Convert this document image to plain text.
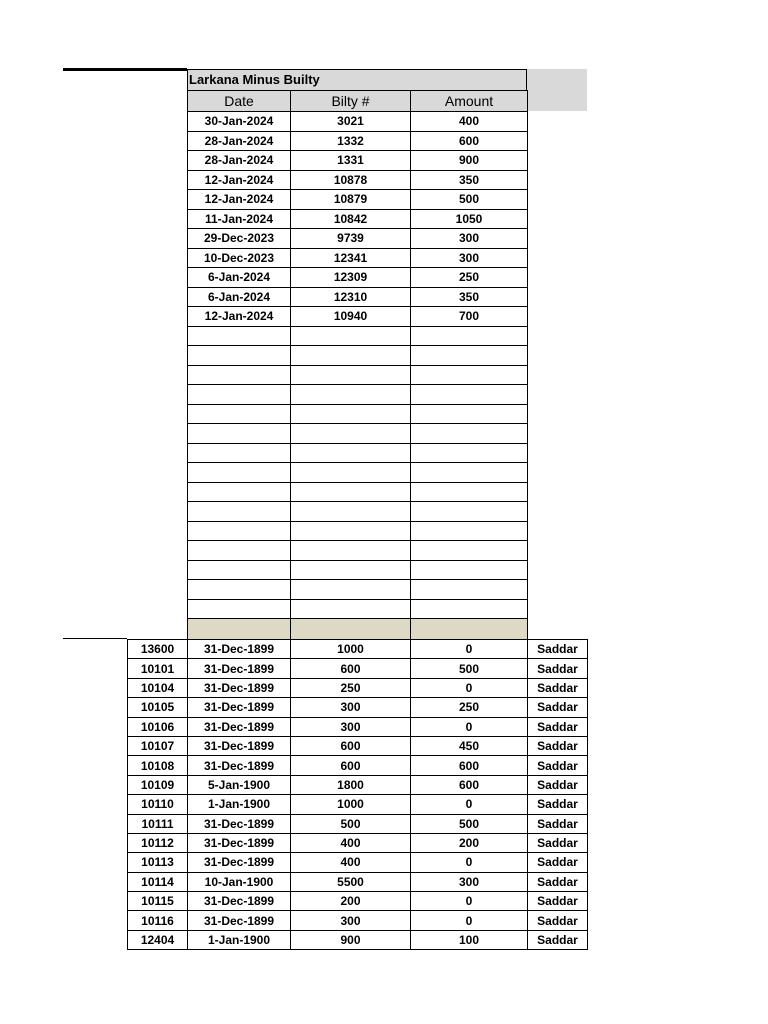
Larkana Minus Builty
Date	Bilty #	Amount
30-Jan-2024	3021	400
28-Jan-2024	1332	600
28-Jan-2024	1331	900
12-Jan-2024	10878	350
12-Jan-2024	10879	500
11-Jan-2024	10842	1050
29-Dec-2023	9739	300
10-Dec-2023	12341	300
6-Jan-2024	12309	250
6-Jan-2024	12310	350
12-Jan-2024	10940	700

13600	31-Dec-1899	1000	0	Saddar
10101	31-Dec-1899	600	500	Saddar
10104	31-Dec-1899	250	0	Saddar
10105	31-Dec-1899	300	250	Saddar
10106	31-Dec-1899	300	0	Saddar
10107	31-Dec-1899	600	450	Saddar
10108	31-Dec-1899	600	600	Saddar
10109	5-Jan-1900	1800	600	Saddar
10110	1-Jan-1900	1000	0	Saddar
10111	31-Dec-1899	500	500	Saddar
10112	31-Dec-1899	400	200	Saddar
10113	31-Dec-1899	400	0	Saddar
10114	10-Jan-1900	5500	300	Saddar
10115	31-Dec-1899	200	0	Saddar
10116	31-Dec-1899	300	0	Saddar
12404	1-Jan-1900	900	100	Saddar
